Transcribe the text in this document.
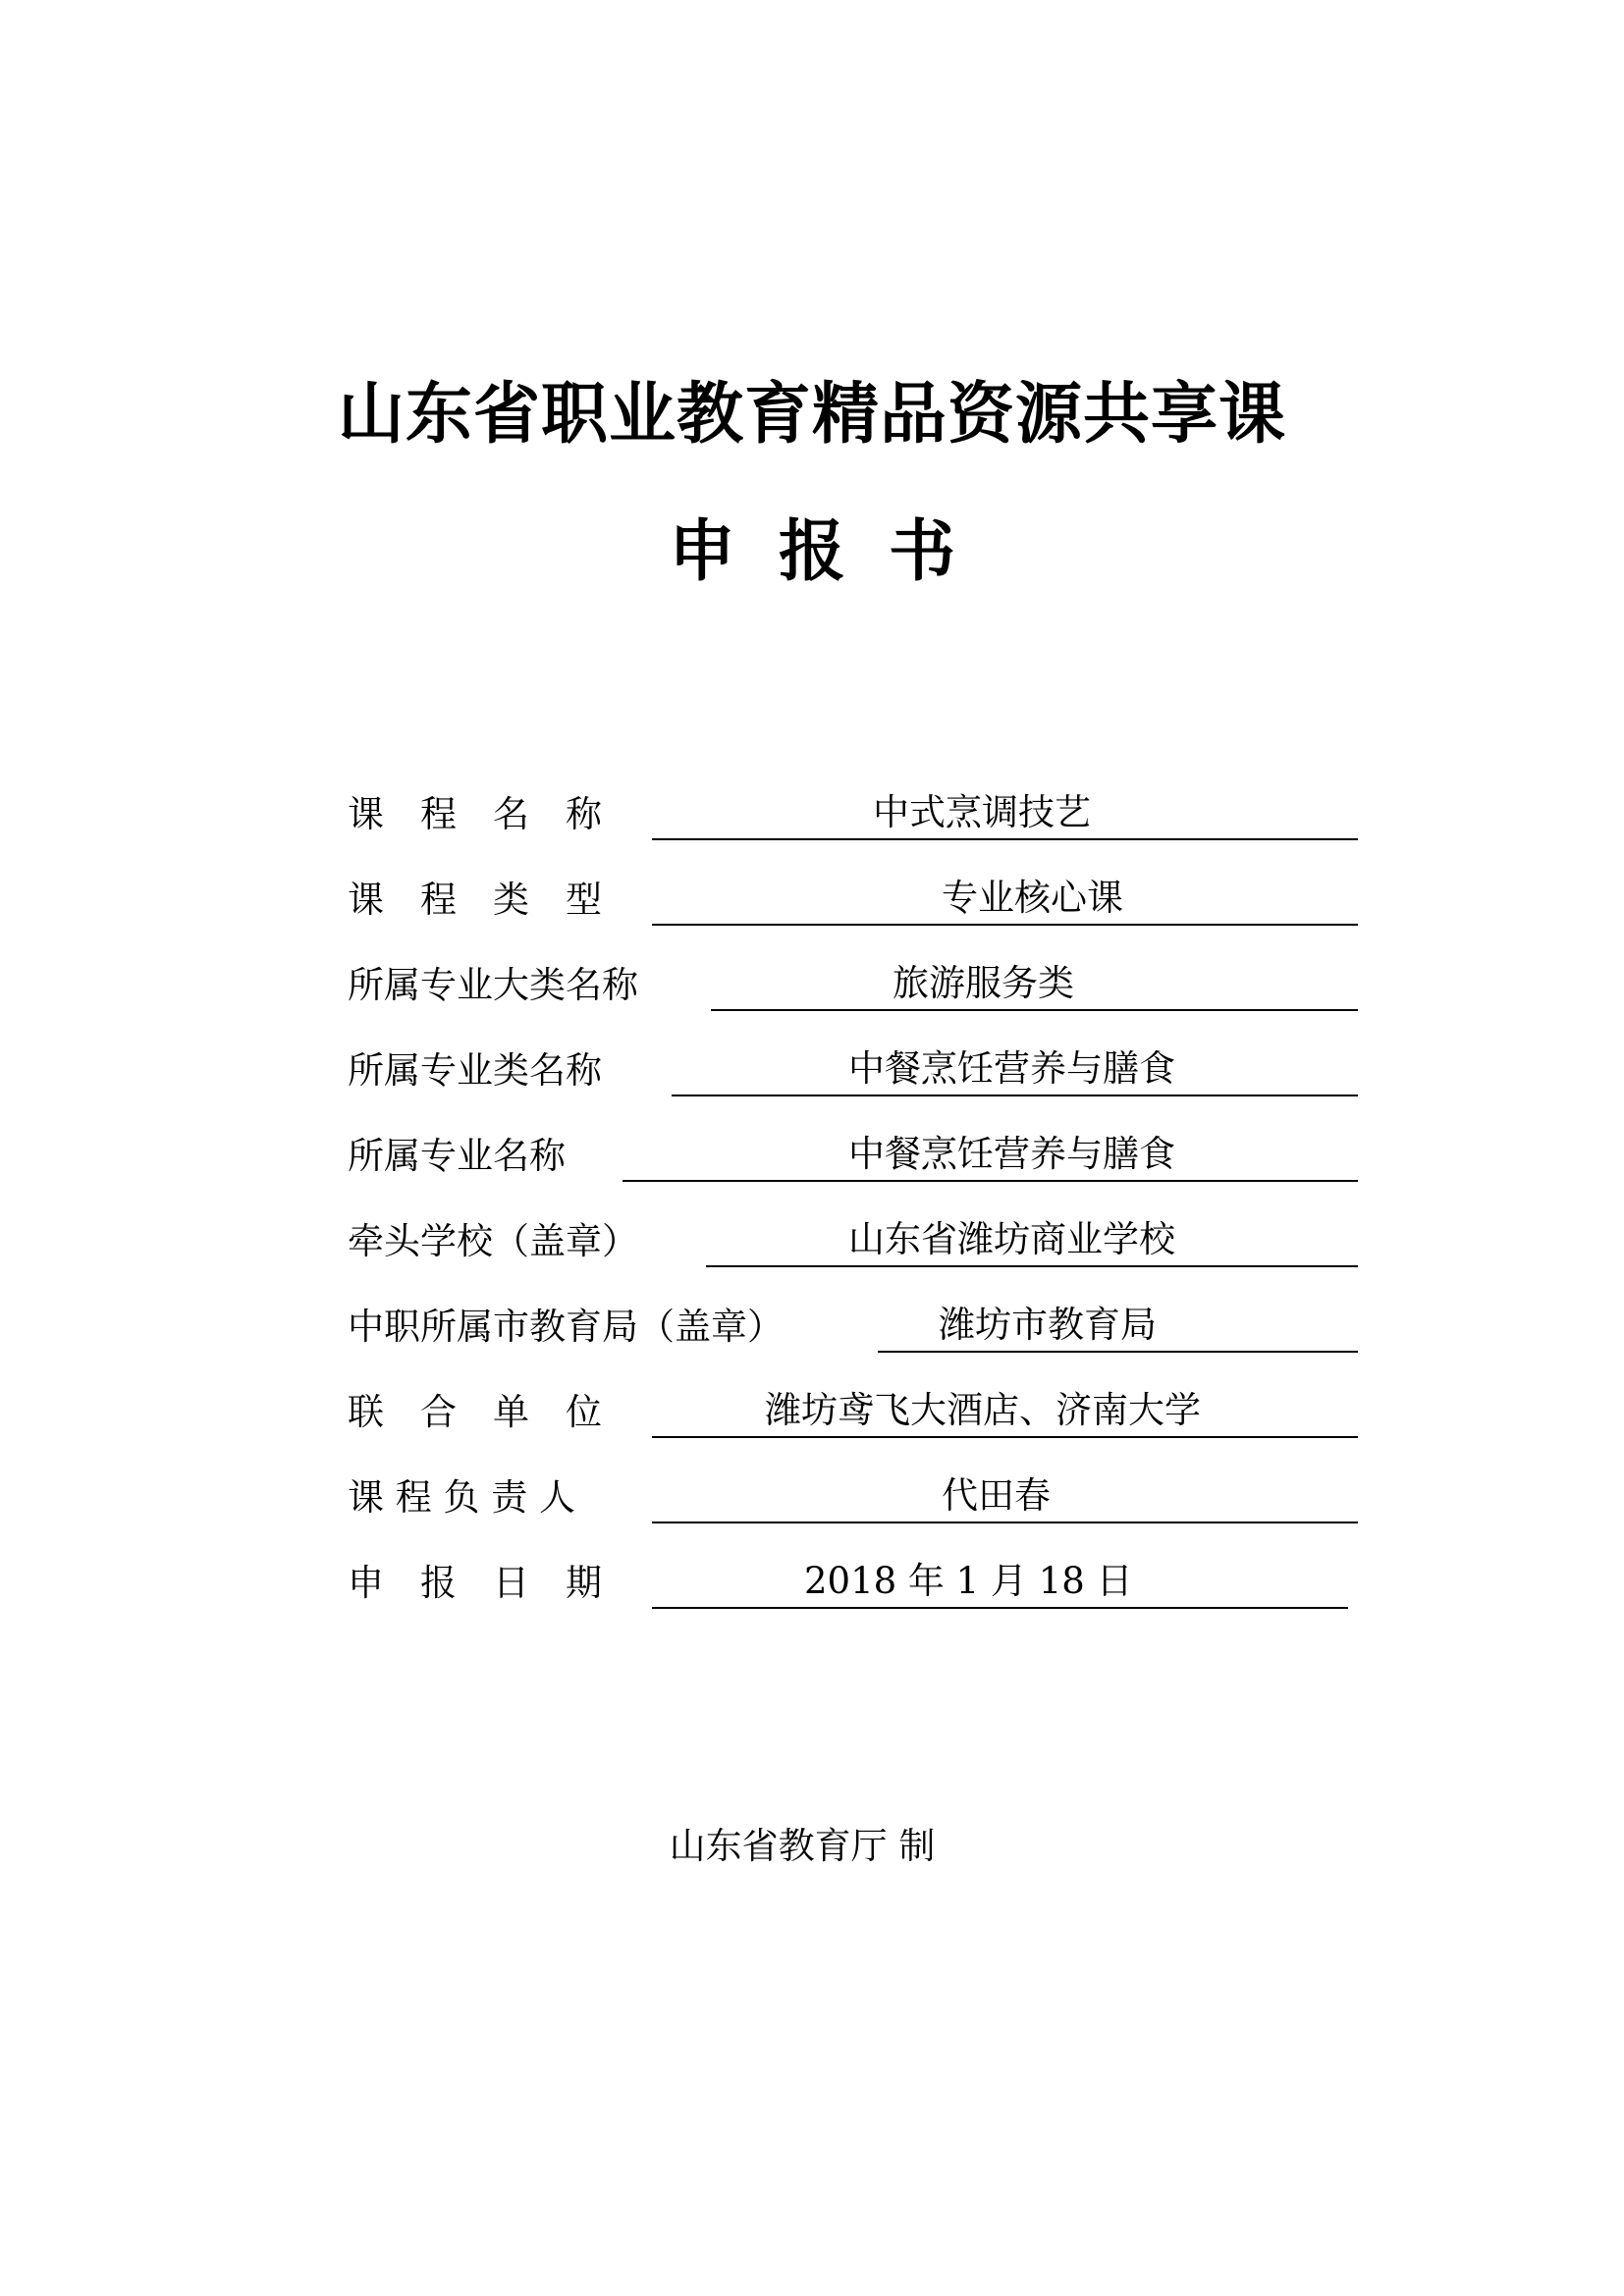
山东省职业教育精品资源共享课
申报书
课　程　名　称	中式烹调技艺
课　程　类　型	专业核心课
所属专业大类名称	旅游服务类
所属专业类名称	中餐烹饪营养与膳食
所属专业名称	中餐烹饪营养与膳食
牵头学校（盖章）	山东省潍坊商业学校
中职所属市教育局（盖章）	潍坊市教育局
联　合　单　位	潍坊鸢飞大酒店、济南大学
课 程 负 责 人	代田春
申　报　日　期	2018 年 1 月 18 日
山东省教育厅 制
